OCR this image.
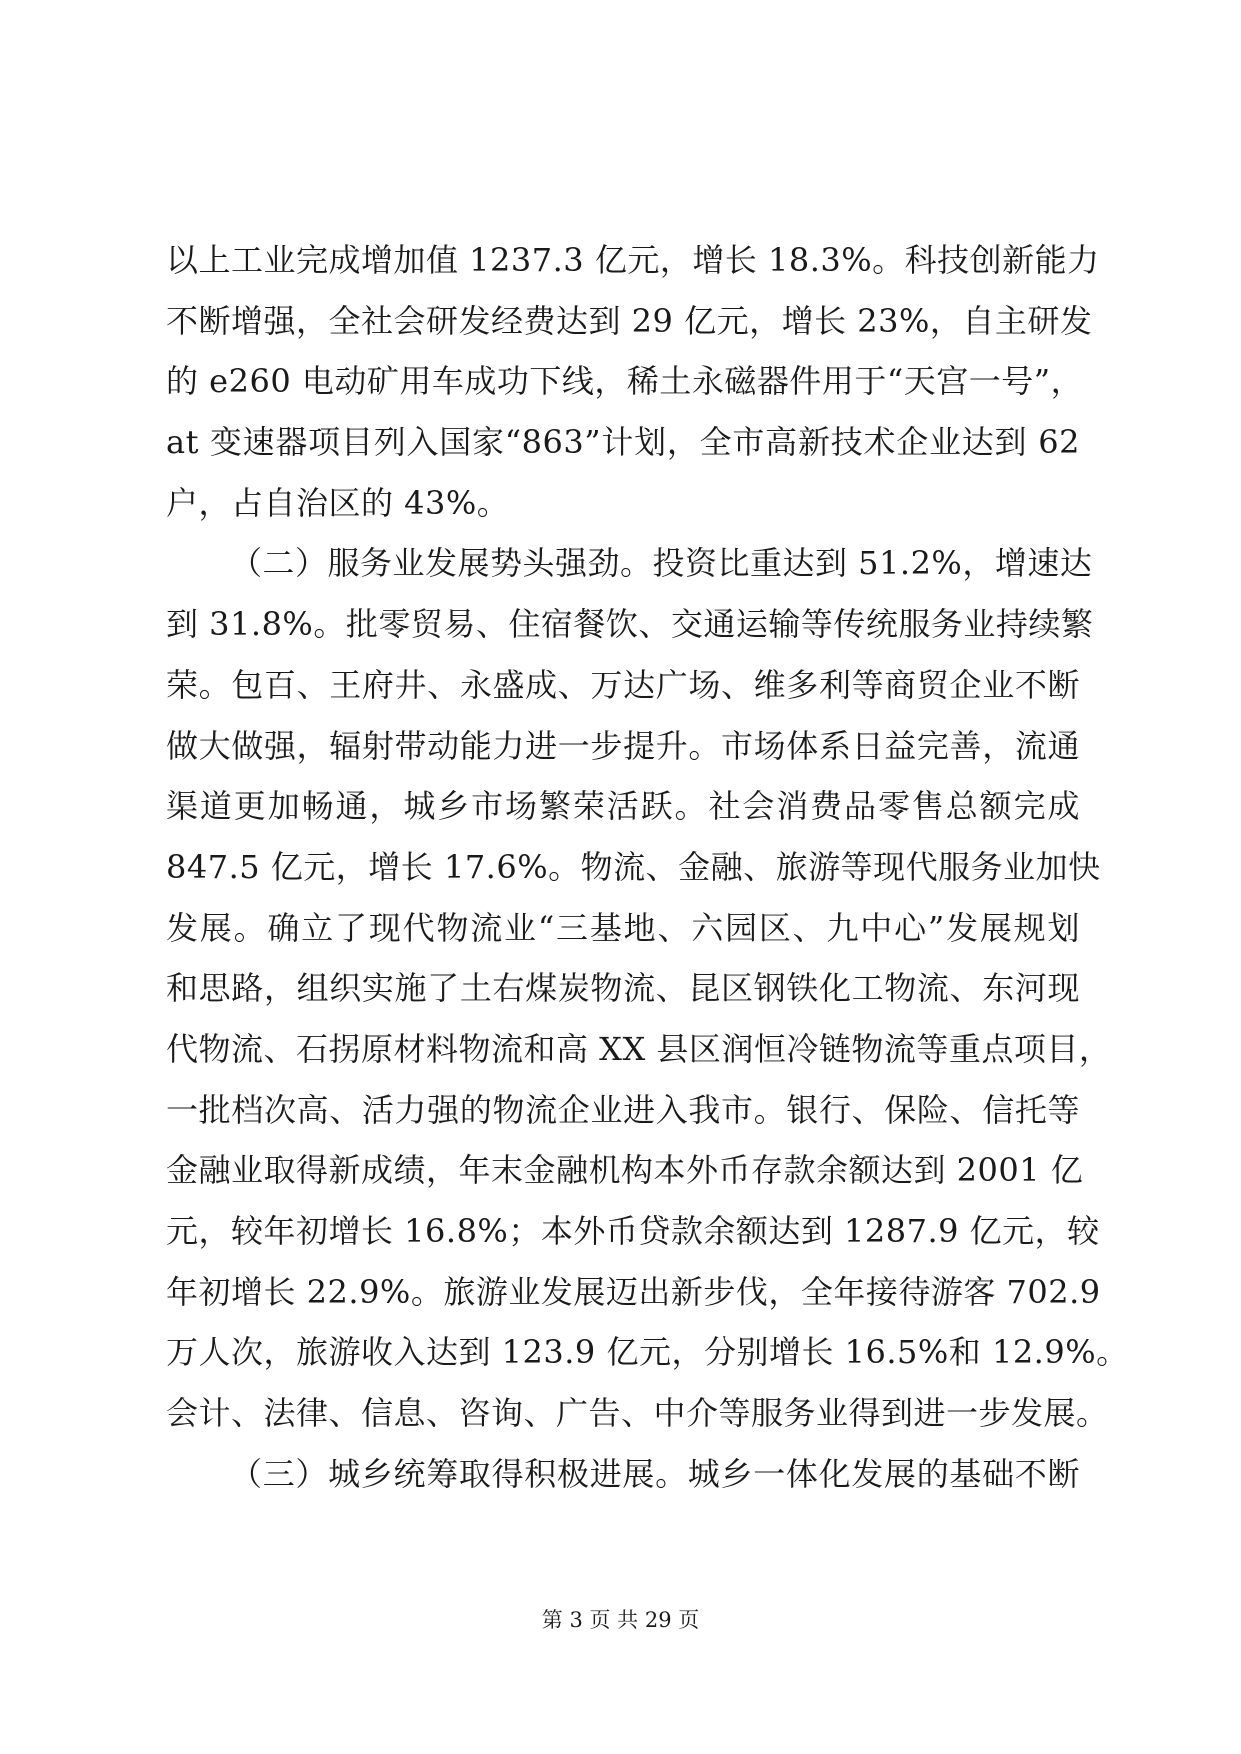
以上工业完成增加值 1237.3 亿元，增长 18.3%。科技创新能力
不断增强，全社会研发经费达到 29 亿元，增长 23%，自主研发
的 e260 电动矿用车成功下线，稀土永磁器件用于“天宫一号”，
at 变速器项目列入国家“863”计划，全市高新技术企业达到 62
户，占自治区的 43%。
（二）服务业发展势头强劲。投资比重达到 51.2%，增速达
到 31.8%。批零贸易、住宿餐饮、交通运输等传统服务业持续繁
荣。包百、王府井、永盛成、万达广场、维多利等商贸企业不断
做大做强，辐射带动能力进一步提升。市场体系日益完善，流通
渠道更加畅通，城乡市场繁荣活跃。社会消费品零售总额完成
847.5 亿元，增长 17.6%。物流、金融、旅游等现代服务业加快
发展。确立了现代物流业“三基地、六园区、九中心”发展规划
和思路，组织实施了土右煤炭物流、昆区钢铁化工物流、东河现
代物流、石拐原材料物流和高 XX 县区润恒冷链物流等重点项目，
一批档次高、活力强的物流企业进入我市。银行、保险、信托等
金融业取得新成绩，年末金融机构本外币存款余额达到 2001 亿
元，较年初增长 16.8%；本外币贷款余额达到 1287.9 亿元，较
年初增长 22.9%。旅游业发展迈出新步伐，全年接待游客 702.9
万人次，旅游收入达到 123.9 亿元，分别增长 16.5%和 12.9%。
会计、法律、信息、咨询、广告、中介等服务业得到进一步发展。
（三）城乡统筹取得积极进展。城乡一体化发展的基础不断
第 3 页 共 29 页
